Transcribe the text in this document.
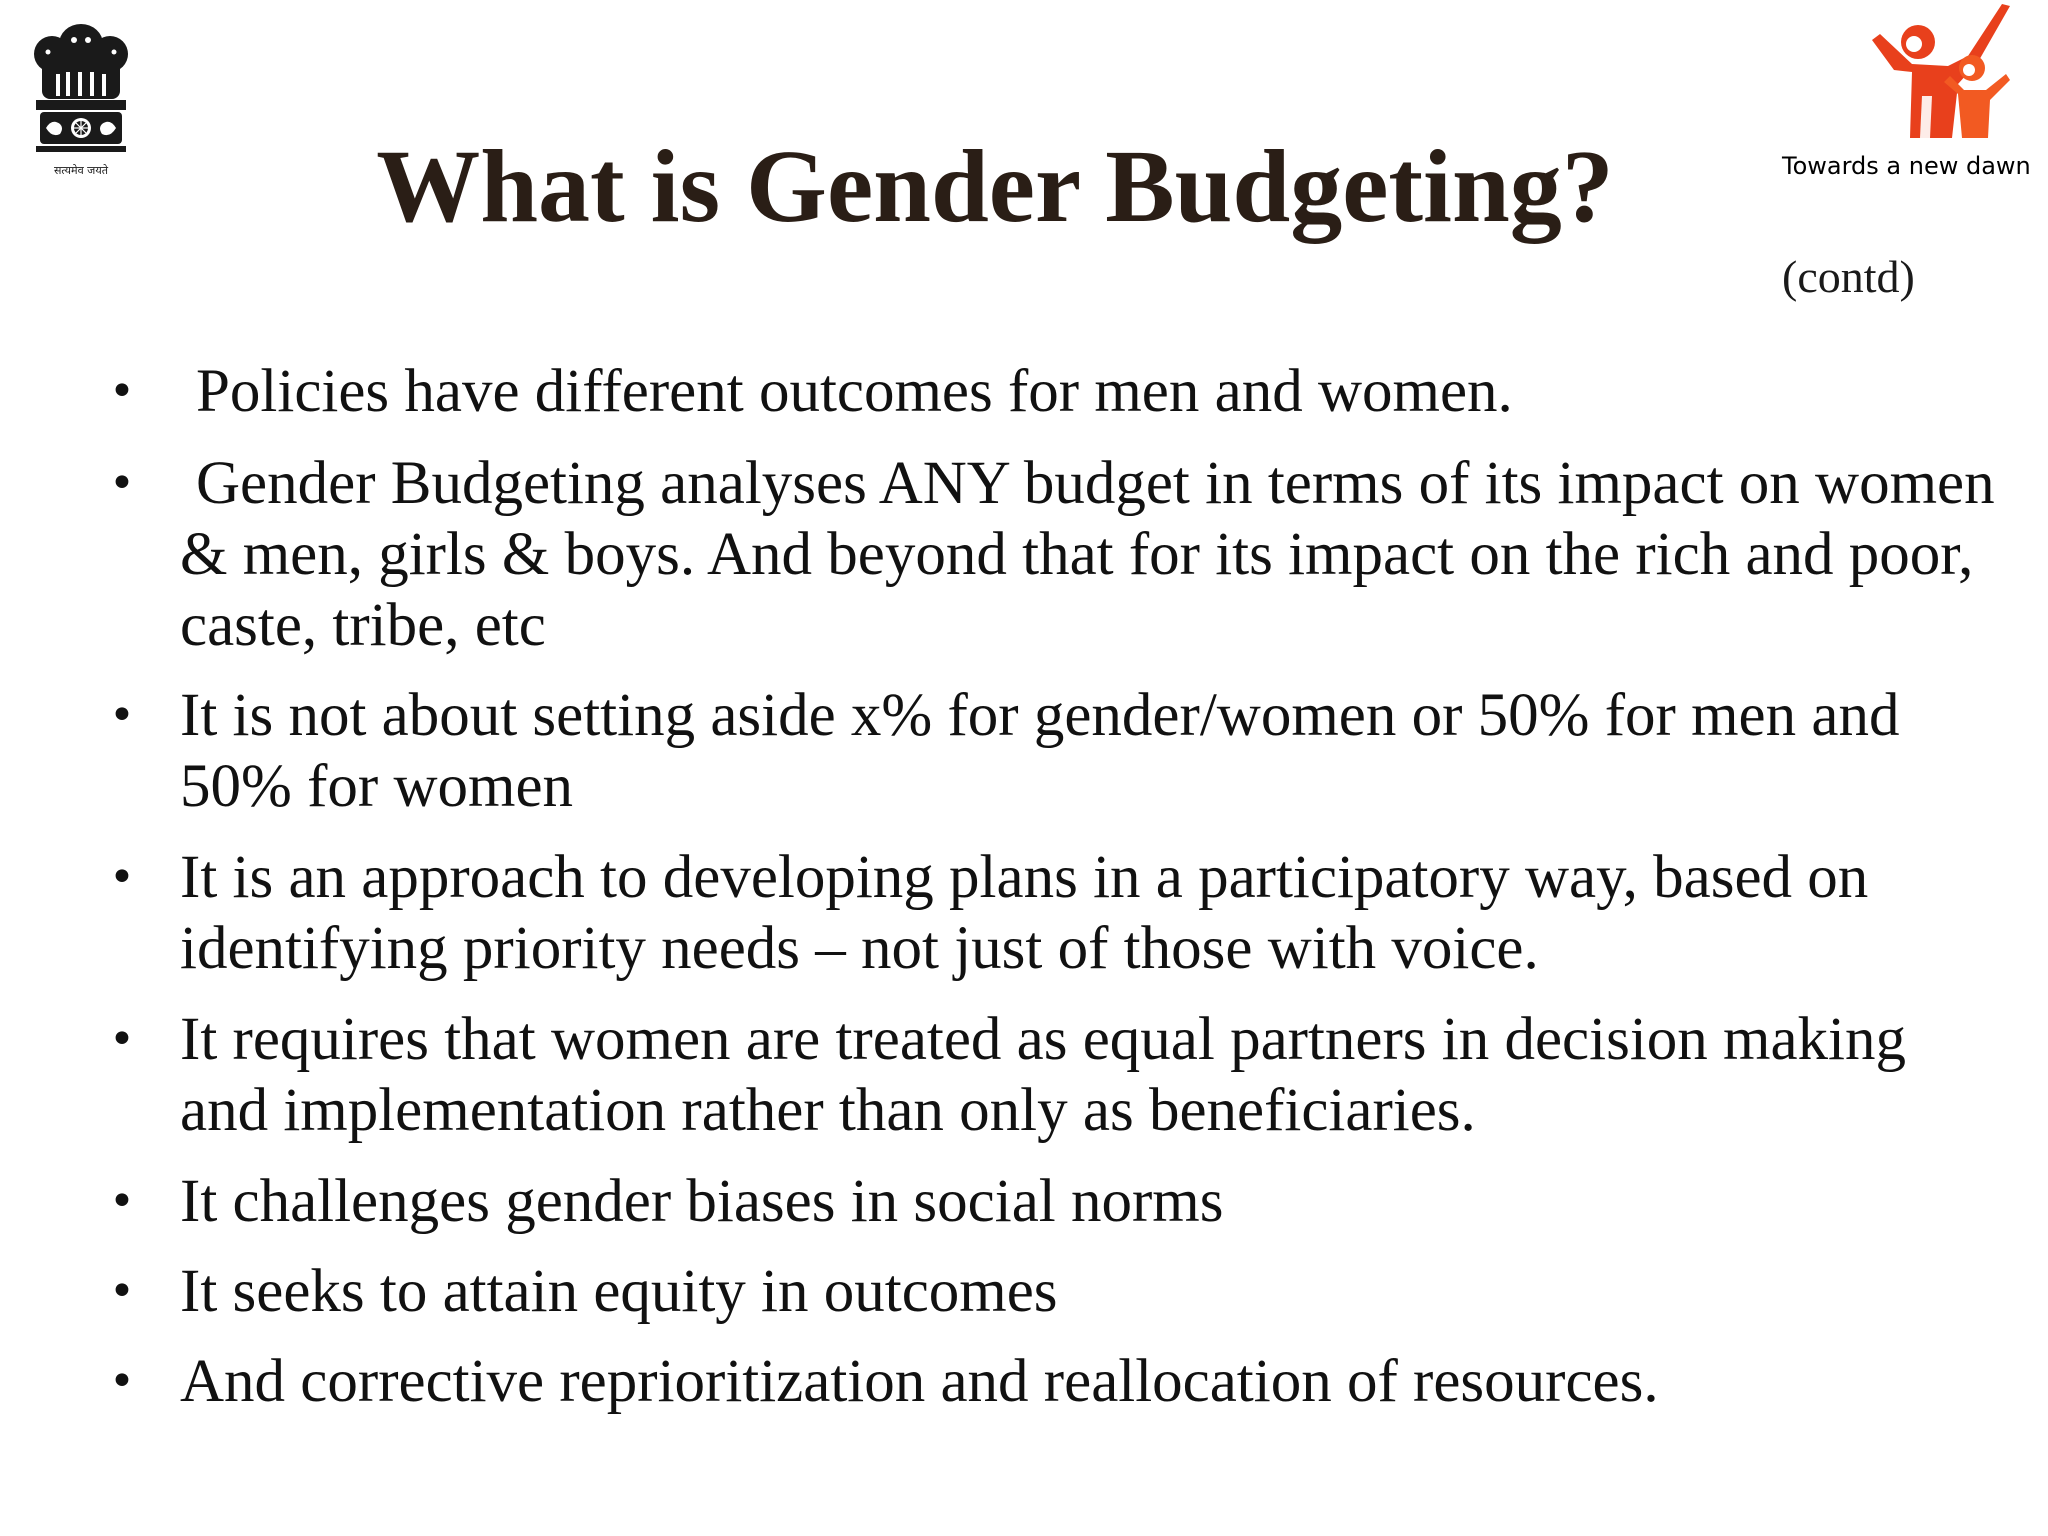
सत्यमेव जयते	Towards a new dawn
What is Gender Budgeting?
(contd)
• Policies have different outcomes for men and women.
• Gender Budgeting analyses ANY budget in terms of its impact on women & men, girls & boys. And beyond that for its impact on the rich and poor, caste, tribe, etc
• It is not about setting aside x% for gender/women or 50% for men and 50% for women
• It is an approach to developing plans in a participatory way, based on identifying priority needs – not just of those with voice.
• It requires that women are treated as equal partners in decision making and implementation rather than only as beneficiaries.
• It challenges gender biases in social norms
• It seeks to attain equity in outcomes
• And corrective reprioritization and reallocation of resources.
